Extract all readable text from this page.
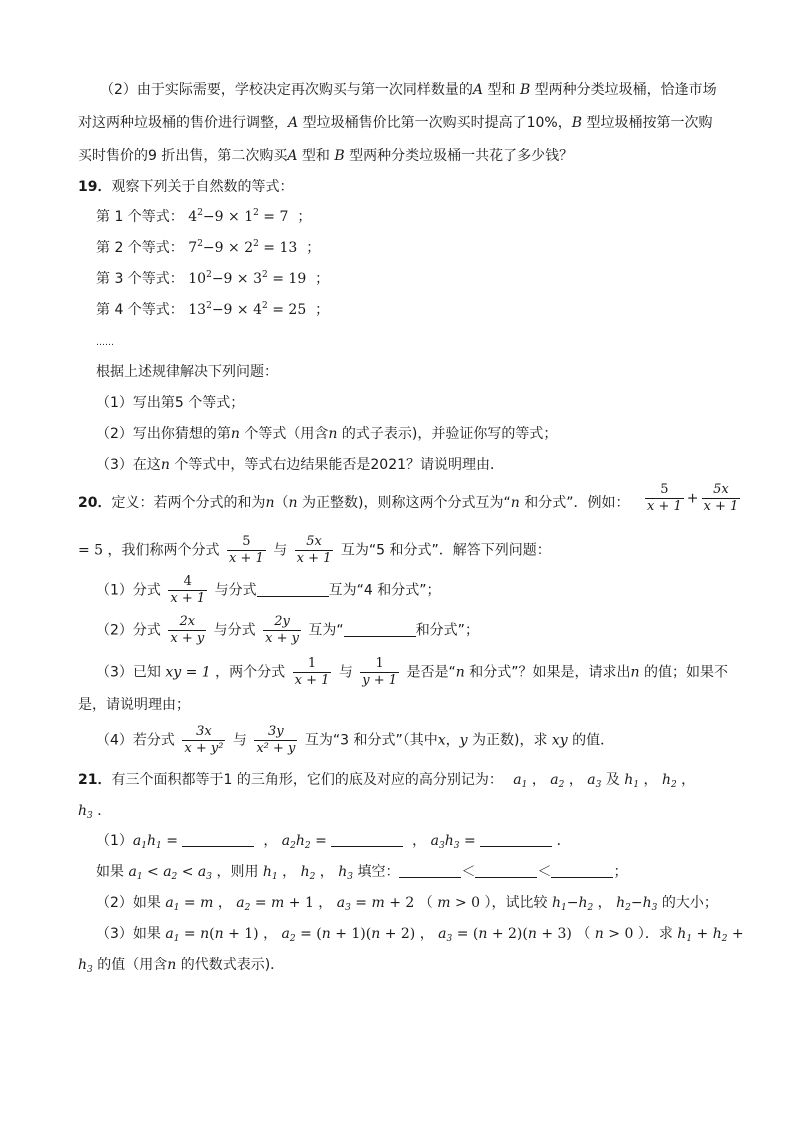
（2）由于实际需要，学校决定再次购买与第一次同样数量的A 型和 B 型两种分类垃圾桶，恰逢市场
对这两种垃圾桶的售价进行调整，A 型垃圾桶售价比第一次购买时提高了10%，B 型垃圾桶按第一次购
买时售价的9 折出售，第二次购买A 型和 B 型两种分类垃圾桶一共花了多少钱？
19．观察下列关于自然数的等式：
第 1 个等式： $4^2-9 \times 1^2 = 7$  ；
第 2 个等式： $7^2-9 \times 2^2 = 13$  ；
第 3 个等式： $10^2-9 \times 3^2 = 19$  ；
第 4 个等式： $13^2-9 \times 4^2 = 25$  ；
……
根据上述规律解决下列问题：
（1）写出第5 个等式；
（2）写出你猜想的第n 个等式（用含n 的式子表示)，并验证你写的等式；
（3）在这n 个等式中，等式右边结果能否是2021？请说明理由．
20．定义：若两个分式的和为n（n 为正整数)，则称这两个分式互为“n 和分式”．例如： $\frac{5}{x + 1} + \frac{5x}{x + 1}$
= 5 ，我们称两个分式 $\frac{5}{x + 1}$ 与 $\frac{5x}{x + 1}$ 互为“5 和分式”．解答下列问题：
（1）分式 $\frac{4}{x + 1}$ 与分式	互为“4 和分式”；
（2）分式 $\frac{2x}{x + y}$ 与分式 $\frac{2y}{x + y}$ 互为“	和分式”；
（3）已知 xy = 1 ，两个分式 $\frac{1}{x + 1}$ 与 $\frac{1}{y + 1}$ 是否是“n 和分式”？如果是，请求出n 的值；如果不
是，请说明理由；
（4）若分式 $\frac{3x}{\text{x + y²}}$ 与 $\frac{3y}{\text{x² + y}}$ 互为“3 和分式”（其中x，y 为正数)，求 xy 的值．
21．有三个面积都等于1 的三角形，它们的底及对应的高分别记为： $a_1$ ， $a_2$ ， $a_3$ 及 $h_1$ ， $h_2$ ，
$h_3$ ．
$(1)a_1h_1$ =	， $a_2h_2$ =	， $a_3h_3$ =	．
如果 $a_1 < a_2 < a_3$ ，则用 $h_1$ ， $h_2$ ， $h_3$ 填空：	＜	＜	；
（2）如果 $a_1 = m$ ， $a_2 = m + 1$ ， $a_3 = m + 2$ （ m > 0 ），试比较 $h_1-h_2$ ， $h_2-h_3$ 的大小；
（3）如果 $a_1 = n(n + 1)$ ， $a_2 = (n + 1)(n + 2)$ ， $a_3 = (n + 2)(n + 3)$ （ n > 0 ）．求 $h_1 + h_2$ +
$h_3$ 的值（用含n 的代数式表示)．
